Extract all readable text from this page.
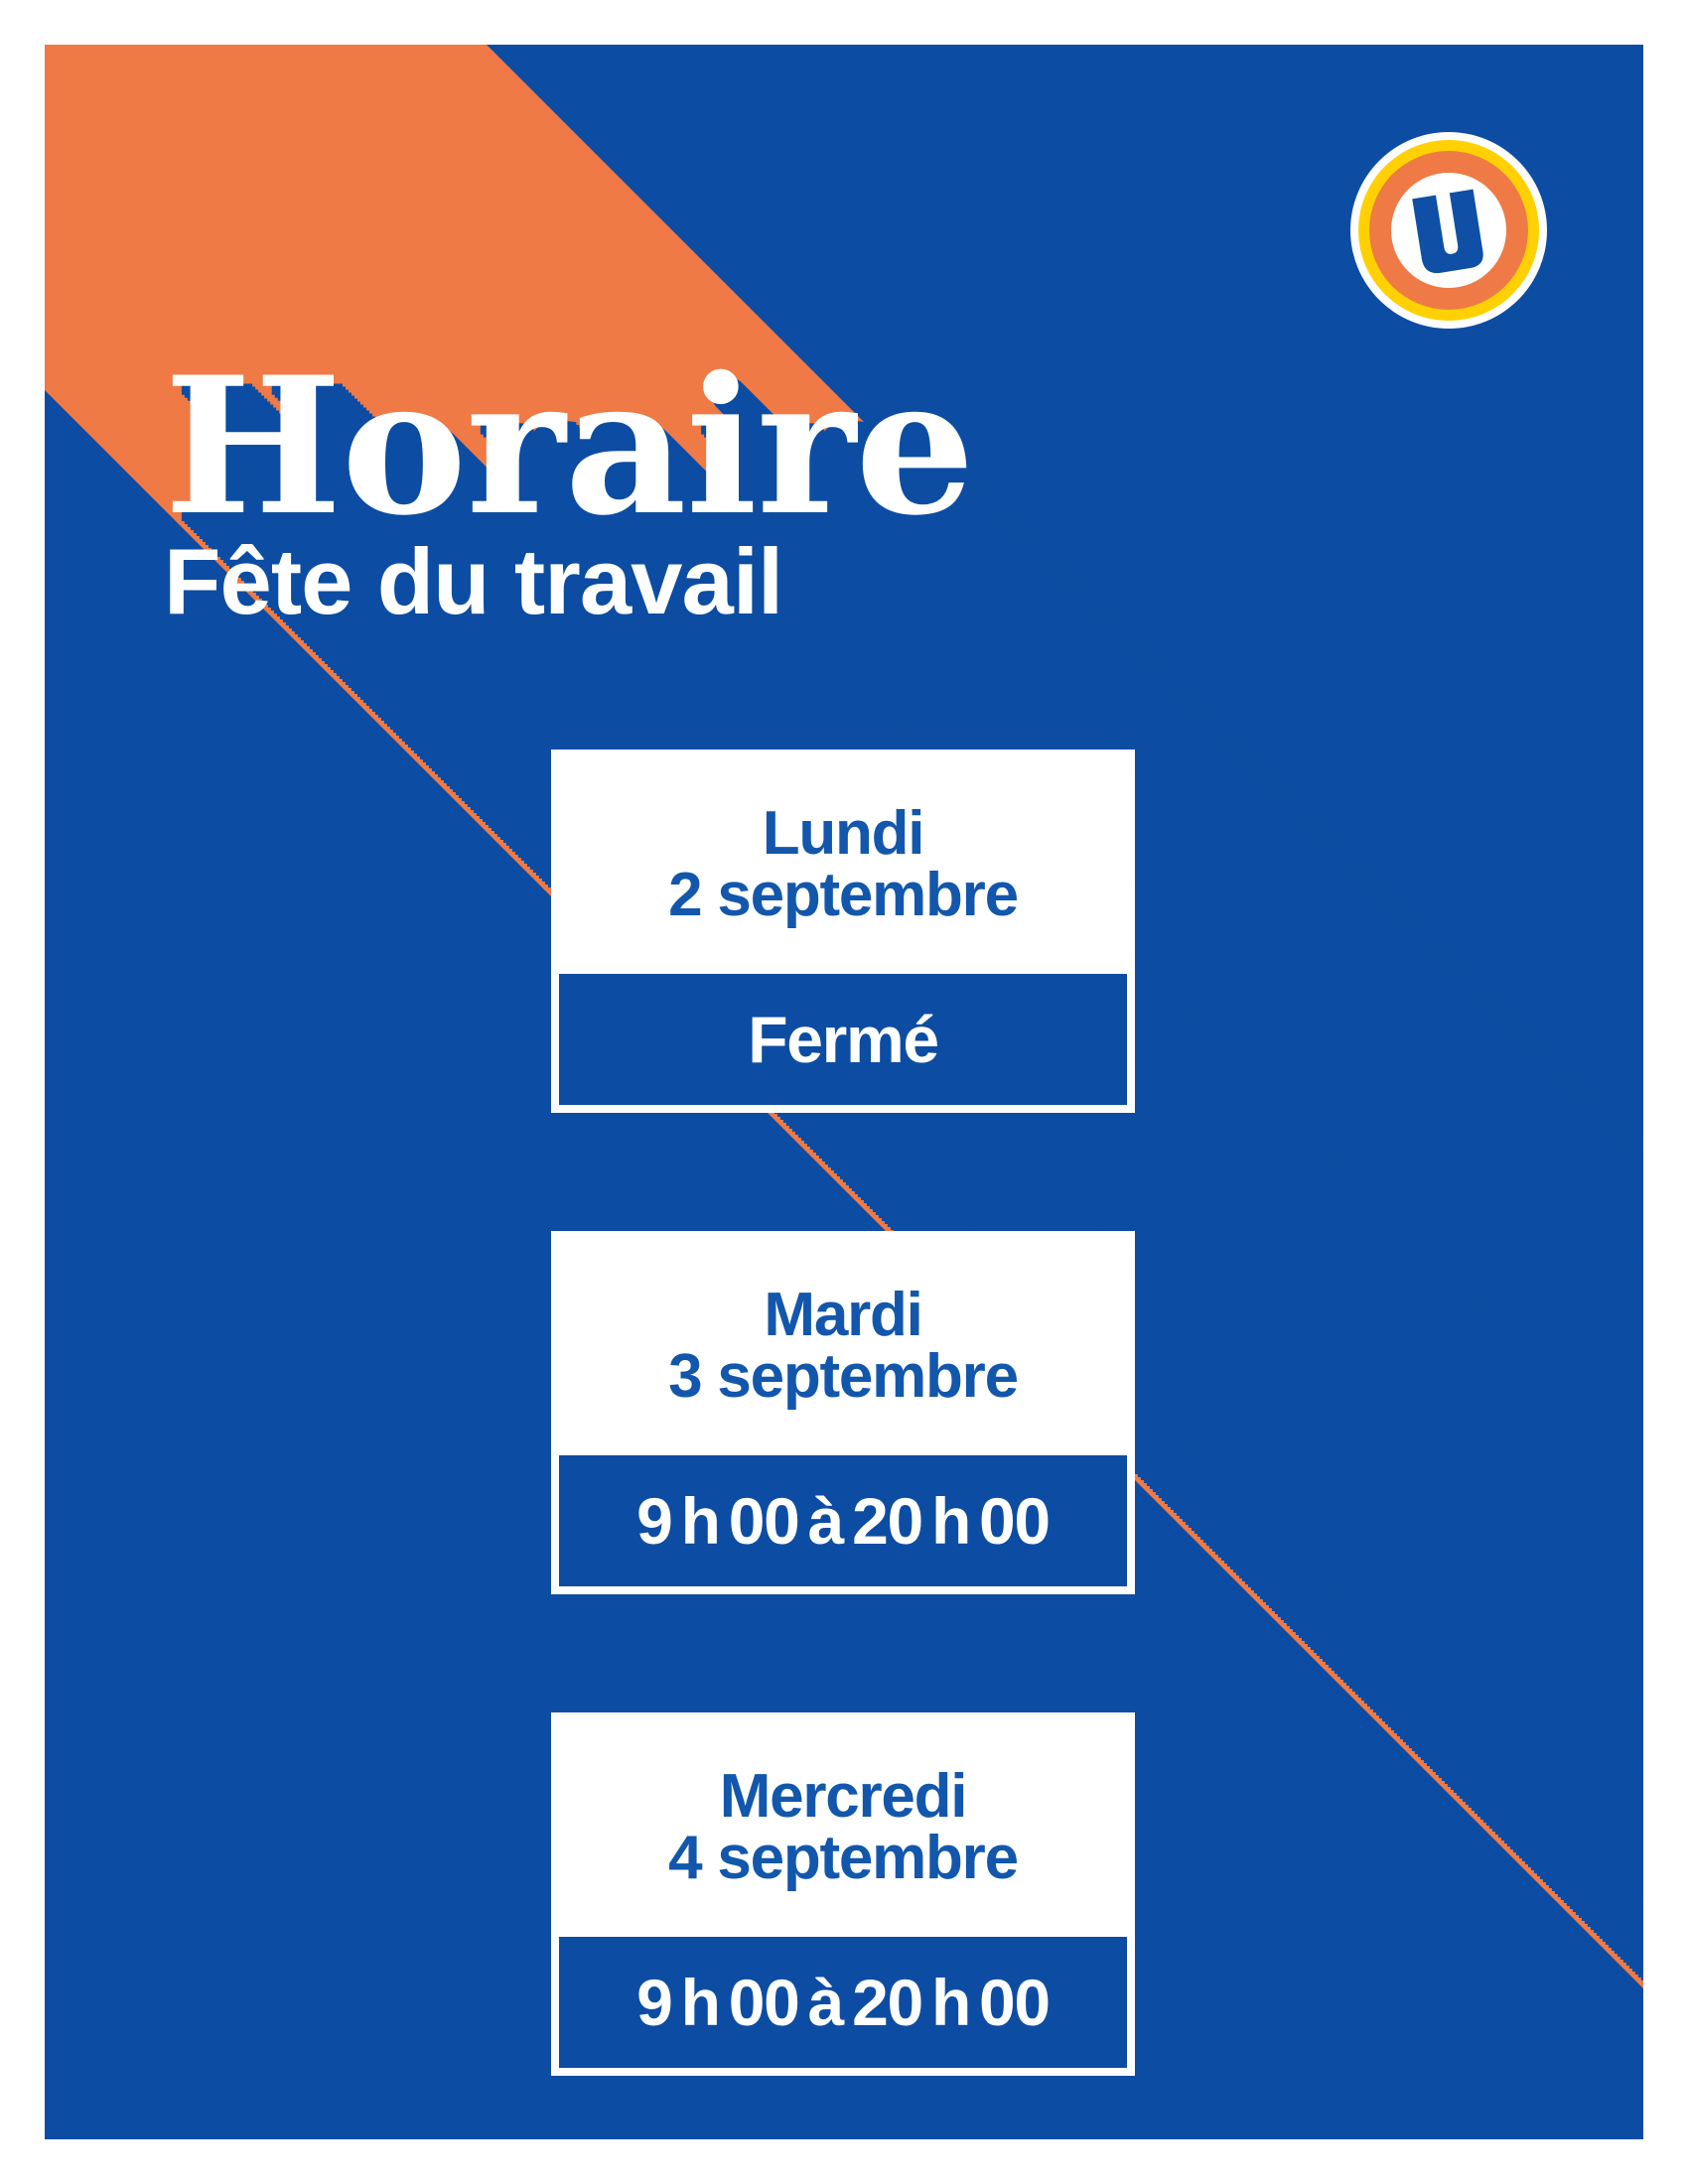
Horaire
Fête du travail
Lundi
2 septembre
Fermé
Mardi
3 septembre
9 h 00 à 20 h 00
Mercredi
4 septembre
9 h 00 à 20 h 00
